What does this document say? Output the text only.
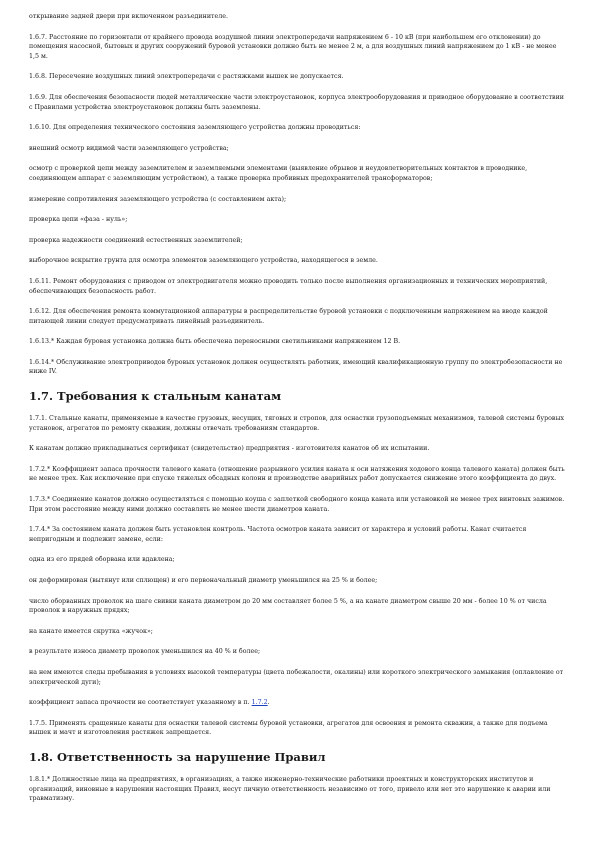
открывание задней двери при включенном разъединителе.

1.6.7. Расстояние по горизонтали от крайнего провода воздушной линии электропередачи напряжением 6 - 10 кВ (при наибольшем его отклонении) до помещения насосной, бытовых и других сооружений буровой установки должно быть не менее 2 м, а для воздушных линий напряжением до 1 кВ - не менее 1,5 м.

1.6.8. Пересечение воздушных линий электропередачи с растяжками вышек не допускается.

1.6.9. Для обеспечения безопасности людей металлические части электроустановок, корпуса электрооборудования и приводное оборудование в соответствии с Правилами устройства электроустановок должны быть заземлены.

1.6.10. Для определения технического состояния заземляющего устройства должны проводиться:

внешний осмотр видимой части заземляющего устройства;

осмотр с проверкой цепи между заземлителем и заземляемыми элементами (выявление обрывов и неудовлетворительных контактов в проводнике, соединяющем аппарат с заземляющим устройством), а также проверка пробивных предохранителей трансформаторов;

измерение сопротивления заземляющего устройства (с составлением акта);

проверка цепи «фаза - нуль»;

проверка надежности соединений естественных заземлителей;

выборочное вскрытие грунта для осмотра элементов заземляющего устройства, находящегося в земле.

1.6.11. Ремонт оборудования с приводом от электродвигателя можно проводить только после выполнения организационных и технических мероприятий, обеспечивающих безопасность работ.

1.6.12. Для обеспечения ремонта коммутационной аппаратуры в распределительстве буровой установки с подключенным напряжением на вводе каждой питающей линии следует предусматривать линейный разъединитель.

1.6.13.* Каждая буровая установка должна быть обеспечена переносными светильниками напряжением 12 В.

1.6.14.* Обслуживание электроприводов буровых установок должен осуществлять работник, имеющий квалификационную группу по электробезопасности не ниже IV.

1.7. Требования к стальным канатам

1.7.1. Стальные канаты, применяемые в качестве грузовых, несущих, тяговых и стропов, для оснастки грузоподъемных механизмов, талевой системы буровых установок, агрегатов по ремонту скважин, должны отвечать требованиям стандартов.

К канатам должно прикладываться сертификат (свидетельство) предприятия - изготовителя канатов об их испытании.

1.7.2.* Коэффициент запаса прочности талевого каната (отношение разрывного усилия каната к оси натяжения ходового конца талевого каната) должен быть не менее трех. Как исключение при спуске тяжелых обсадных колонн и производстве аварийных работ допускается снижение этого коэффициента до двух.

1.7.3.* Соединение канатов должно осуществляться с помощью коуша с заплеткой свободного конца каната или установкой не менее трех винтовых зажимов. При этом расстояние между ними должно составлять не менее шести диаметров каната.

1.7.4.* За состоянием каната должен быть установлен контроль. Частота осмотров каната зависит от характера и условий работы. Канат считается непригодным и подлежит замене, если:

одна из его прядей оборвана или вдавлена;

он деформирован (вытянут или сплющен) и его первоначальный диаметр уменьшился на 25 % и более;

число оборванных проволок на шаге свивки каната диаметром до 20 мм составляет более 5 %, а на канате диаметром свыше 20 мм - более 10 % от числа проволок в наружных прядях;

на канате имеется скрутка «жучок»;

в результате износа диаметр проволок уменьшился на 40 % и более;

на нем имеются следы пребывания в условиях высокой температуры (цвета побежалости, окалины) или короткого электрического замыкания (оплавление от электрической дуги);

коэффициент запаса прочности не соответствует указанному в п. 1.7.2.

1.7.5. Применять сращенные канаты для оснастки талевой системы буровой установки, агрегатов для освоения и ремонта скважин, а также для подъема вышек и мачт и изготовления растяжек запрещается.

1.8. Ответственность за нарушение Правил

1.8.1.* Должностные лица на предприятиях, в организациях, а также инженерно-технические работники проектных и конструкторских институтов и организаций, виновные в нарушении настоящих Правил, несут личную ответственность независимо от того, привело или нет это нарушение к аварии или травматизму.
